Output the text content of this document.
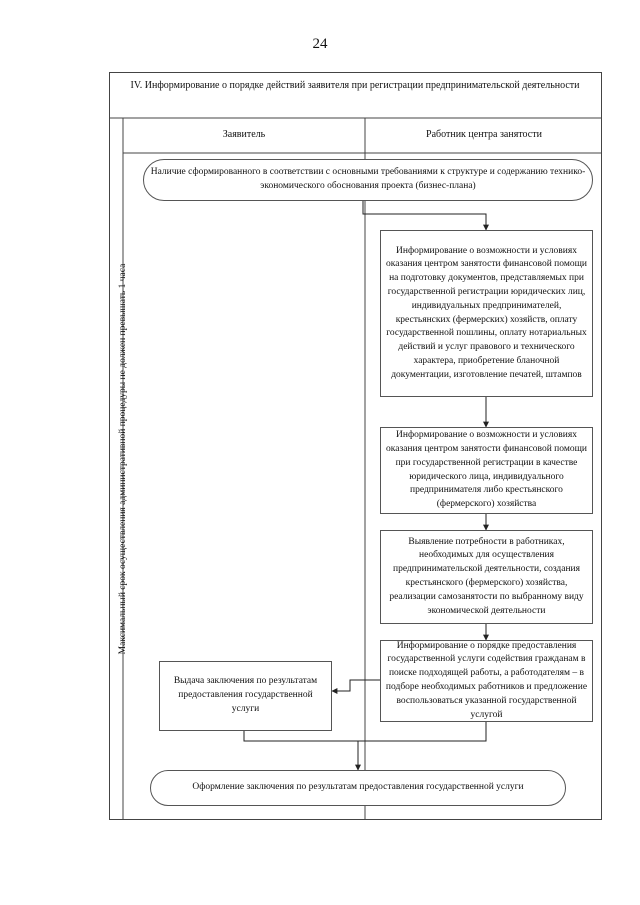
24
IV. Информирование о порядке действий заявителя при регистрации предпринимательской деятельности
Заявитель	Работник центра занятости
Максимальный срок осуществления административной процедуры не должен превышать 1 часа
Наличие сформированного в соответствии с основными требованиями к структуре и содержанию технико-экономического обоснования проекта (бизнес-плана)
Информирование о возможности и условиях оказания центром занятости финансовой помощи на подготовку документов, представляемых при государственной регистрации юридических лиц, индивидуальных предпринимателей, крестьянских (фермерских) хозяйств, оплату государственной пошлины, оплату нотариальных действий и услуг правового и технического характера, приобретение бланочной документации, изготовление печатей, штампов
Информирование о возможности и условиях оказания центром занятости финансовой помощи при государственной регистрации в качестве юридического лица, индивидуального предпринимателя либо крестьянского (фермерского) хозяйства
Выявление потребности в работниках, необходимых для осуществления предпринимательской деятельности, создания крестьянского (фермерского) хозяйства, реализации самозанятости по выбранному виду экономической деятельности
Информирование о порядке предоставления государственной услуги содействия гражданам в поиске подходящей работы, а работодателям – в подборе необходимых работников и предложение воспользоваться указанной государственной услугой
Выдача заключения по результатам предоставления государственной услуги
Оформление заключения по результатам предоставления государственной услуги
